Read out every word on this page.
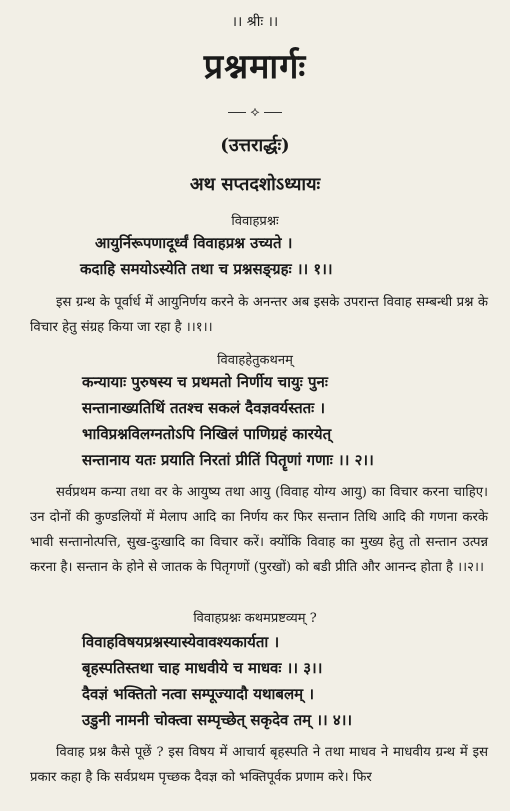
।। श्रीः ।।
प्रश्नमार्गः
⟡
(उत्तरार्द्धः)
अथ सप्तदशोऽध्यायः
विवाहप्रश्नः
आयुर्निरूपणादूर्ध्वं विवाहप्रश्न उच्यते ।
कदाहि समयोऽस्येति तथा च प्रश्नसङ्ग्रहः ।। १।।
इस ग्रन्थ के पूर्वार्ध में आयुनिर्णय करने के अनन्तर अब इसके उपरान्त विवाह सम्बन्धी प्रश्न के विचार हेतु संग्रह किया जा रहा है ।।१।।
विवाहहेतुकथनम्
कन्यायाः पुरुषस्य च प्रथमतो निर्णीय चायुः पुनः
सन्तानाख्यतिथिं ततश्च सकलं दैवज्ञवर्यस्ततः ।
भाविप्रश्नविलग्नतोऽपि निखिलं पाणिग्रहं कारयेत्
सन्तानाय यतः प्रयाति निरतां प्रीतिं पितॄणां गणाः ।। २।।
सर्वप्रथम कन्या तथा वर के आयुष्य तथा आयु (विवाह योग्य आयु) का विचार करना चाहिए। उन दोनों की कुण्डलियों में मेलाप आदि का निर्णय कर फिर सन्तान तिथि आदि की गणना करके भावी सन्तानोत्पत्ति, सुख-दुःखादि का विचार करें। क्योंकि विवाह का मुख्य हेतु तो सन्तान उत्पन्न करना है। सन्तान के होने से जातक के पितृगणों (पुरखों) को बडी प्रीति और आनन्द होता है ।।२।।
विवाहप्रश्नः कथमप्रष्टव्यम् ?
विवाहविषयप्रश्नस्यास्येवावश्यकार्यता ।
बृहस्पतिस्तथा चाह माधवीये च माधवः ।। ३।।
दैवज्ञं भक्तितो नत्वा सम्पूज्यादौ यथाबलम् ।
उडुनी नामनी चोक्त्वा सम्पृच्छेत् सकृदेव तम् ।। ४।।
विवाह प्रश्न कैसे पूछें ? इस विषय में आचार्य बृहस्पति ने तथा माधव ने माधवीय ग्रन्थ में इस प्रकार कहा है कि सर्वप्रथम पृच्छक दैवज्ञ को भक्तिपूर्वक प्रणाम करे। फिर
